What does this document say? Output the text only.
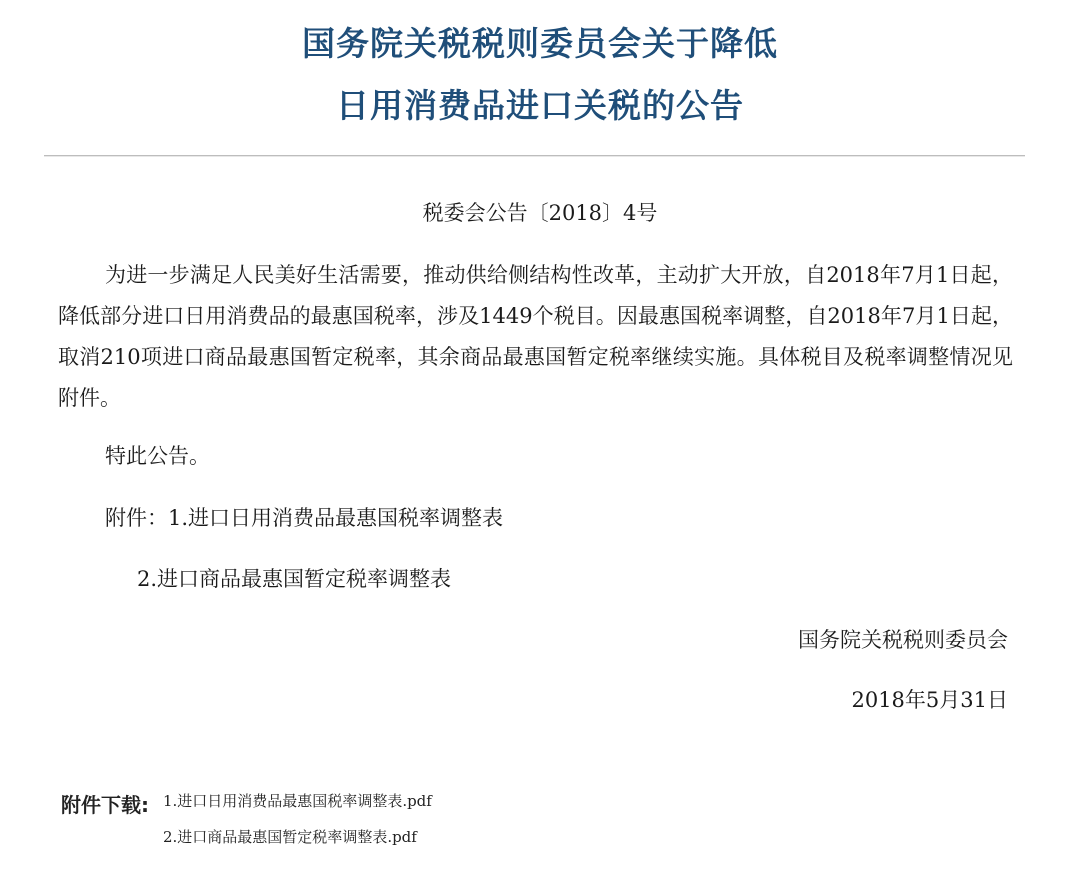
国务院关税税则委员会关于降低
日用消费品进口关税的公告
税委会公告〔2018〕4号

为进一步满足人民美好生活需要，推动供给侧结构性改革，主动扩大开放，自2018年7月1日起，降低部分进口日用消费品的最惠国税率，涉及1449个税目。因最惠国税率调整，自2018年7月1日起，取消210项进口商品最惠国暂定税率，其余商品最惠国暂定税率继续实施。具体税目及税率调整情况见附件。

特此公告。
附件：1.进口日用消费品最惠国税率调整表
2.进口商品最惠国暂定税率调整表
国务院关税税则委员会
2018年5月31日
附件下载: 1.进口日用消费品最惠国税率调整表.pdf
2.进口商品最惠国暂定税率调整表.pdf
